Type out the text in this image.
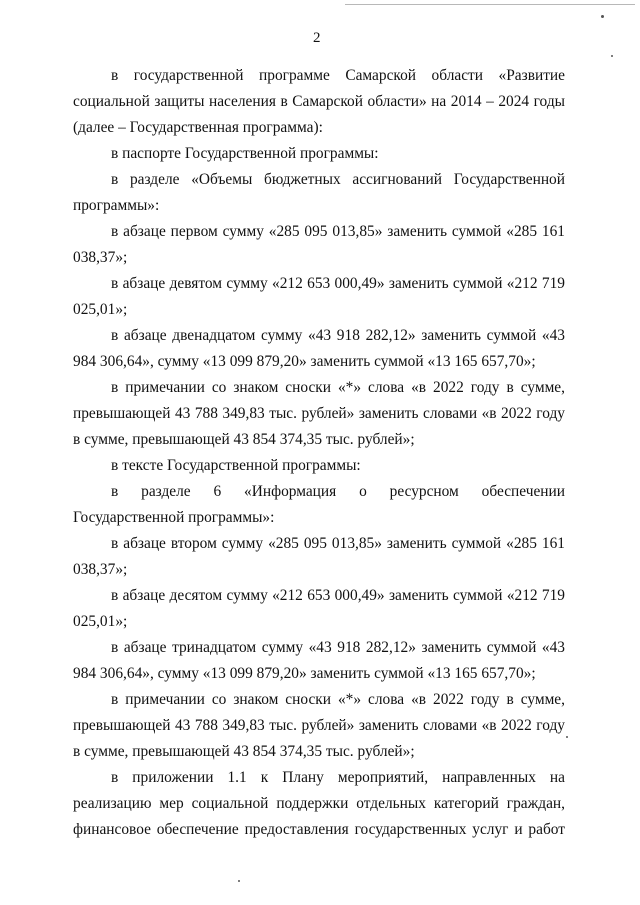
2

в государственной программе Самарской области «Развитие социальной защиты населения в Самарской области» на 2014 – 2024 годы (далее – Государственная программа):

в паспорте Государственной программы:

в разделе «Объемы бюджетных ассигнований Государственной программы»:

в абзаце первом сумму «285 095 013,85» заменить суммой «285 161 038,37»;

в абзаце девятом сумму «212 653 000,49» заменить суммой «212 719 025,01»;

в абзаце двенадцатом сумму «43 918 282,12» заменить суммой «43 984 306,64», сумму «13 099 879,20» заменить суммой «13 165 657,70»;

в примечании со знаком сноски «*» слова «в 2022 году в сумме, превышающей 43 788 349,83 тыс. рублей» заменить словами «в 2022 году в сумме, превышающей 43 854 374,35 тыс. рублей»;

в тексте Государственной программы:

в разделе 6 «Информация о ресурсном обеспечении Государственной программы»:

в абзаце втором сумму «285 095 013,85» заменить суммой «285 161 038,37»;

в абзаце десятом сумму «212 653 000,49» заменить суммой «212 719 025,01»;

в абзаце тринадцатом сумму «43 918 282,12» заменить суммой «43 984 306,64», сумму «13 099 879,20» заменить суммой «13 165 657,70»;

в примечании со знаком сноски «*» слова «в 2022 году в сумме, превышающей 43 788 349,83 тыс. рублей» заменить словами «в 2022 году в сумме, превышающей 43 854 374,35 тыс. рублей»;

в приложении 1.1 к Плану мероприятий, направленных на реализацию мер социальной поддержки отдельных категорий граждан, финансовое обеспечение предоставления государственных услуг и работ
